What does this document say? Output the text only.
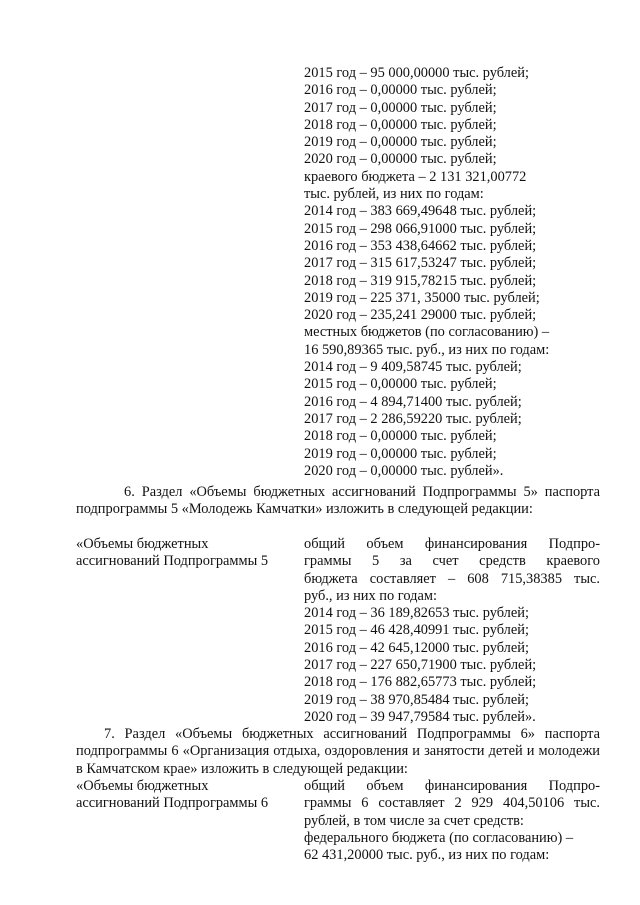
2015 год – 95 000,00000 тыс. рублей;
2016 год – 0,00000 тыс. рублей;
2017 год – 0,00000 тыс. рублей;
2018 год – 0,00000 тыс. рублей;
2019 год – 0,00000 тыс. рублей;
2020 год – 0,00000 тыс. рублей;
краевого бюджета – 2 131 321,00772
тыс. рублей, из них по годам:
2014 год – 383 669,49648 тыс. рублей;
2015 год – 298 066,91000 тыс. рублей;
2016 год – 353 438,64662 тыс. рублей;
2017 год – 315 617,53247 тыс. рублей;
2018 год – 319 915,78215 тыс. рублей;
2019 год – 225 371, 35000 тыс. рублей;
2020 год – 235,241 29000 тыс. рублей;
местных бюджетов (по согласованию) –
16 590,89365 тыс. руб., из них по годам:
2014 год – 9 409,58745 тыс. рублей;
2015 год – 0,00000 тыс. рублей;
2016 год – 4 894,71400 тыс. рублей;
2017 год – 2 286,59220 тыс. рублей;
2018 год – 0,00000 тыс. рублей;
2019 год – 0,00000 тыс. рублей;
2020 год – 0,00000 тыс. рублей».
6. Раздел «Объемы бюджетных ассигнований Подпрограммы 5» паспорта подпрограммы 5 «Молодежь Камчатки» изложить в следующей редакции:
«Объемы бюджетных
ассигнований Подпрограммы 5
общий объем финансирования Подпро-
граммы 5 за счет средств краевого
бюджета составляет – 608 715,38385 тыс.
руб., из них по годам:
2014 год – 36 189,82653 тыс. рублей;
2015 год – 46 428,40991 тыс. рублей;
2016 год – 42 645,12000 тыс. рублей;
2017 год – 227 650,71900 тыс. рублей;
2018 год – 176 882,65773 тыс. рублей;
2019 год – 38 970,85484 тыс. рублей;
2020 год – 39 947,79584 тыс. рублей».
7. Раздел «Объемы бюджетных ассигнований Подпрограммы 6» паспорта подпрограммы 6 «Организация отдыха, оздоровления и занятости детей и молодежи в Камчатском крае» изложить в следующей редакции:
«Объемы бюджетных
ассигнований Подпрограммы 6
общий объем финансирования Подпро-
граммы 6 составляет 2 929 404,50106 тыс.
рублей, в том числе за счет средств:
федерального бюджета (по согласованию) –
62 431,20000 тыс. руб., из них по годам:
